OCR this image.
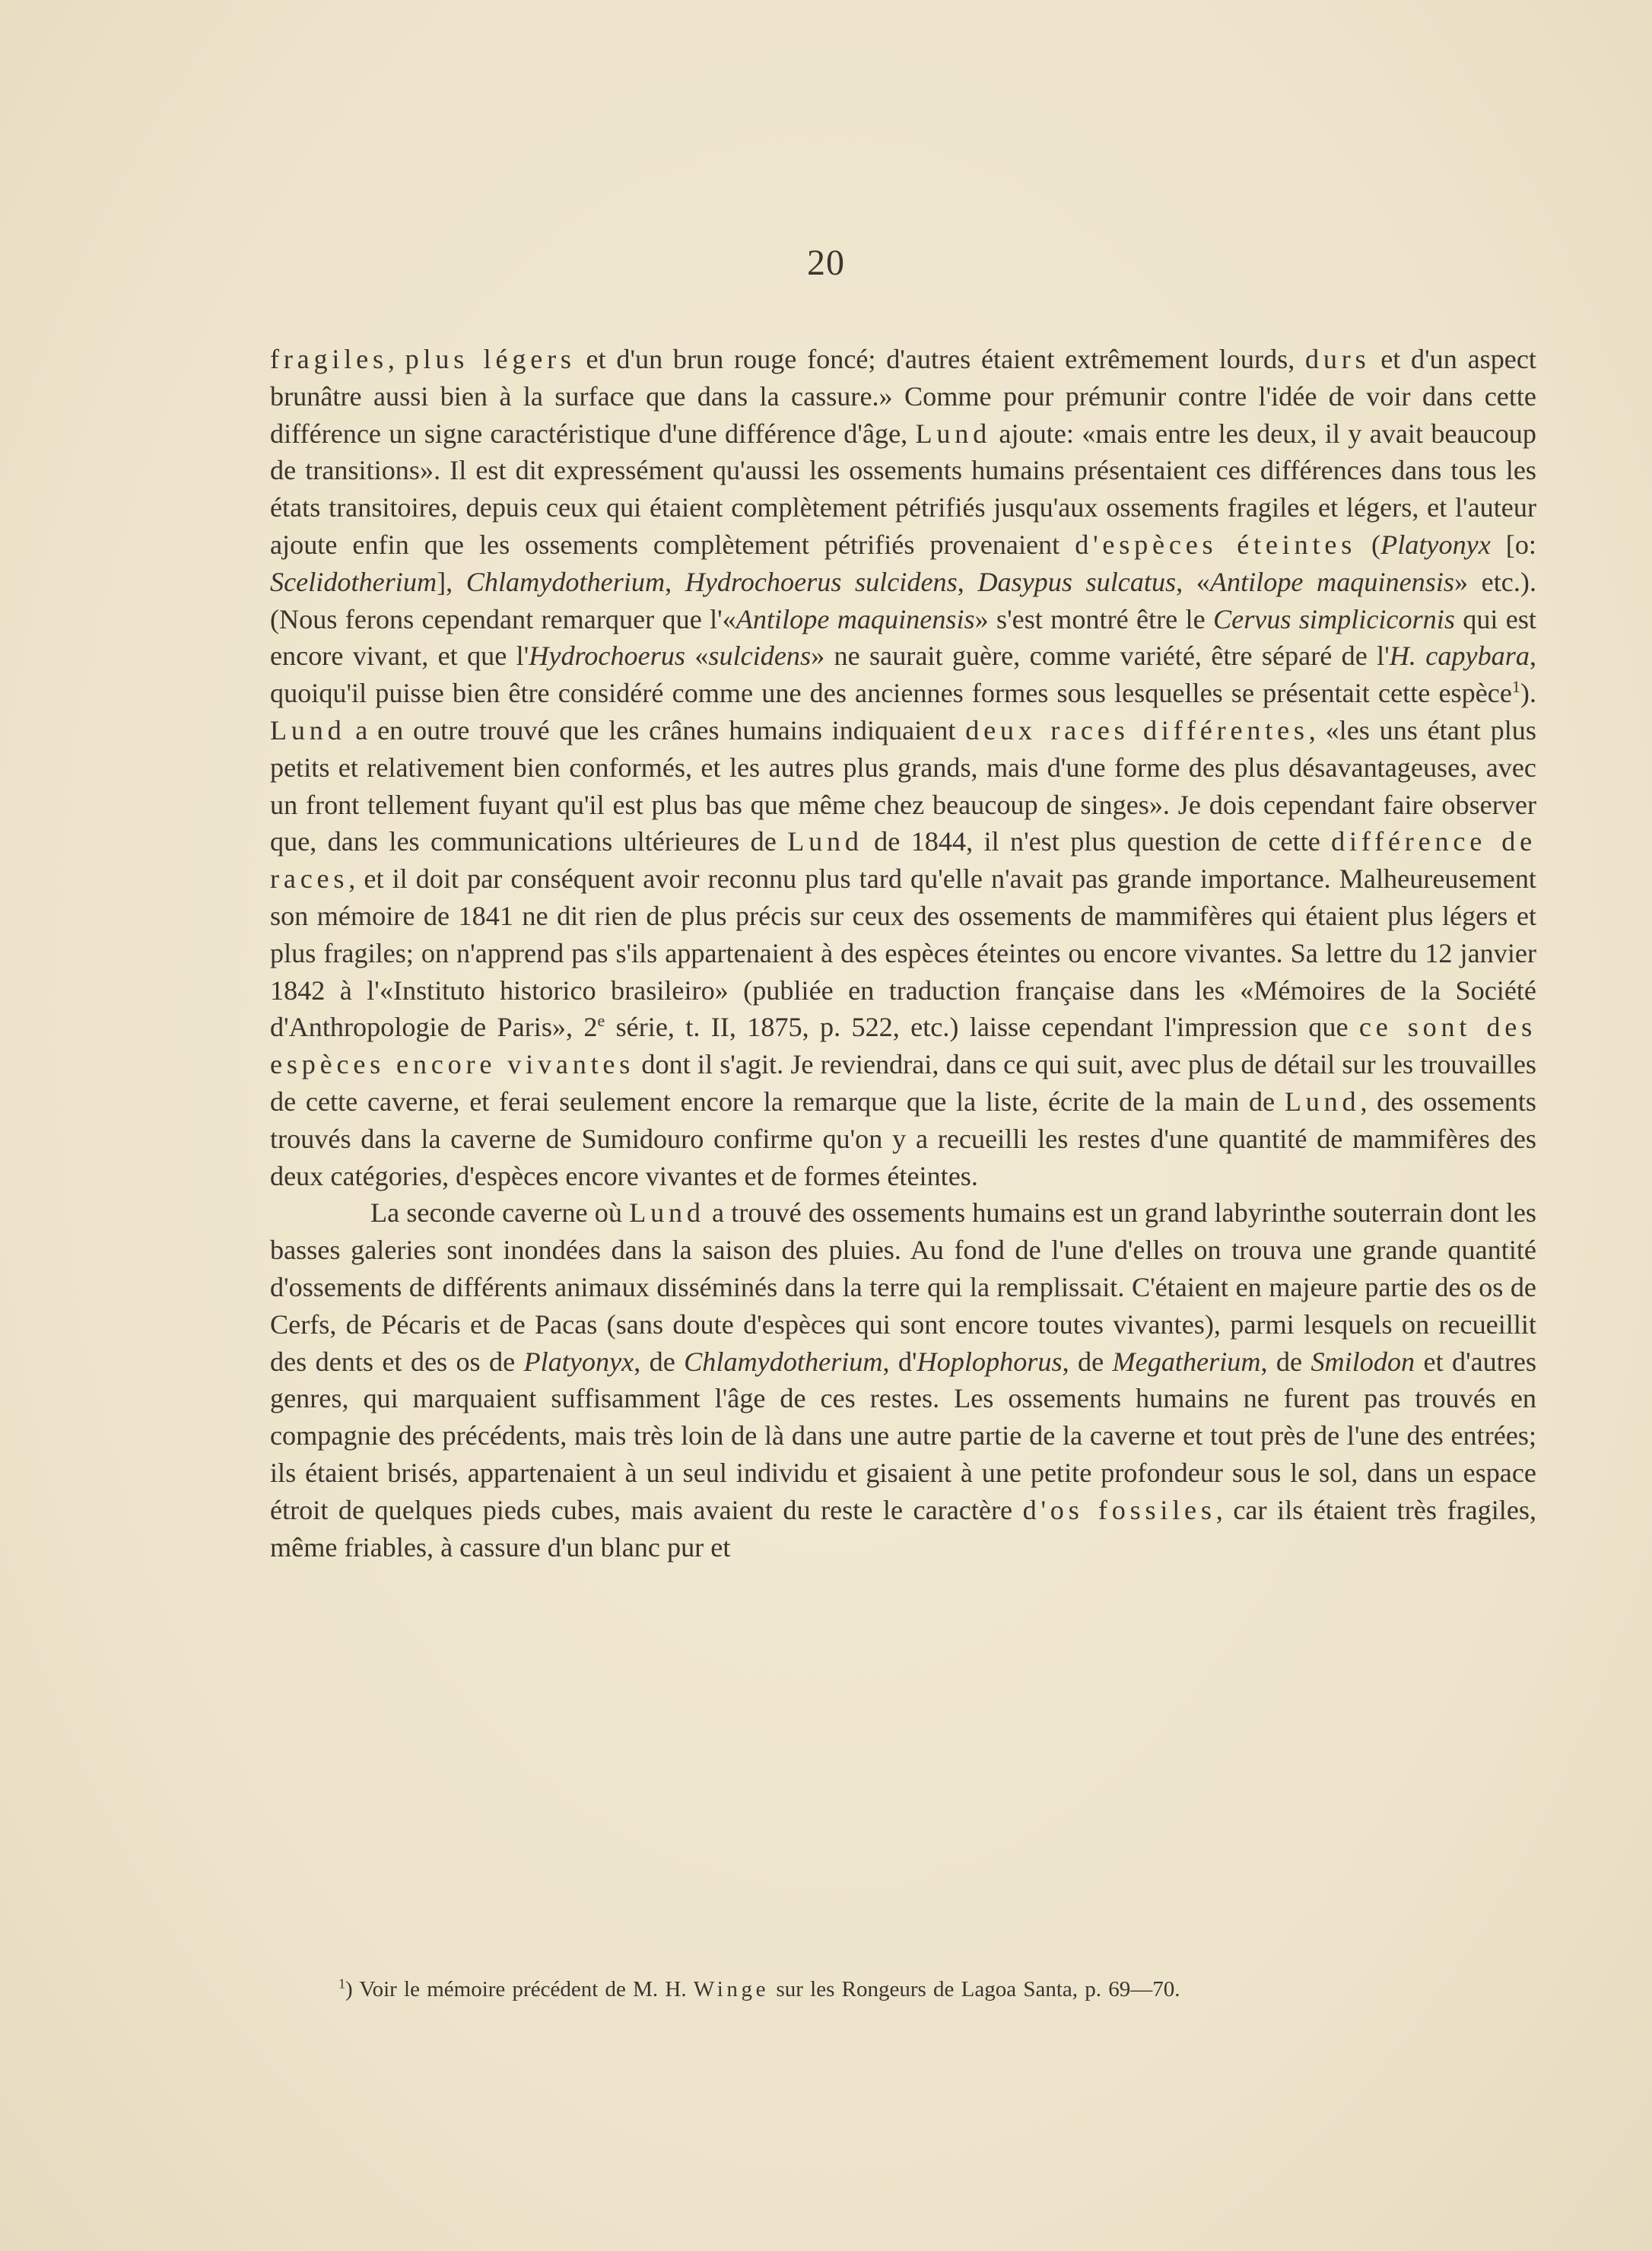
20

fragiles, plus légers et d'un brun rouge foncé; d'autres étaient extrêmement lourds, durs et d'un aspect brunâtre aussi bien à la surface que dans la cassure.» Comme pour prémunir contre l'idée de voir dans cette différence un signe caractéristique d'une différence d'âge, Lund ajoute: «mais entre les deux, il y avait beaucoup de transitions». Il est dit expressément qu'aussi les ossements humains présentaient ces différences dans tous les états transitoires, depuis ceux qui étaient complètement pétrifiés jusqu'aux ossements fragiles et légers, et l'auteur ajoute enfin que les ossements complètement pétrifiés provenaient d'espèces éteintes (Platyonyx [o: Scelidotherium], Chlamydotherium, Hydrochoerus sulcidens, Dasypus sulcatus, «Antilope maquinensis» etc.). (Nous ferons cependant remarquer que l'«Antilope maquinensis» s'est montré être le Cervus simplicicornis qui est encore vivant, et que l'Hydrochoerus «sulcidens» ne saurait guère, comme variété, être séparé de l'H. capybara, quoiqu'il puisse bien être considéré comme une des anciennes formes sous lesquelles se présentait cette espèce$^1$). Lund a en outre trouvé que les crânes humains indiquaient deux races différentes, «les uns étant plus petits et relativement bien conformés, et les autres plus grands, mais d'une forme des plus désavantageuses, avec un front tellement fuyant qu'il est plus bas que même chez beaucoup de singes». Je dois cependant faire observer que, dans les communications ultérieures de Lund de 1844, il n'est plus question de cette différence de races, et il doit par conséquent avoir reconnu plus tard qu'elle n'avait pas grande importance. Malheureusement son mémoire de 1841 ne dit rien de plus précis sur ceux des ossements de mammifères qui étaient plus légers et plus fragiles; on n'apprend pas s'ils appartenaient à des espèces éteintes ou encore vivantes. Sa lettre du 12 janvier 1842 à l'«Instituto historico brasileiro» (publiée en traduction française dans les «Mémoires de la Société d'Anthropologie de Paris», 2e série, t. II, 1875, p. 522, etc.) laisse cependant l'impression que ce sont des espèces encore vivantes dont il s'agit. Je reviendrai, dans ce qui suit, avec plus de détail sur les trouvailles de cette caverne, et ferai seulement encore la remarque que la liste, écrite de la main de Lund, des ossements trouvés dans la caverne de Sumidouro confirme qu'on y a recueilli les restes d'une quantité de mammifères des deux catégories, d'espèces encore vivantes et de formes éteintes.

La seconde caverne où Lund a trouvé des ossements humains est un grand labyrinthe souterrain dont les basses galeries sont inondées dans la saison des pluies. Au fond de l'une d'elles on trouva une grande quantité d'ossements de différents animaux disséminés dans la terre qui la remplissait. C'étaient en majeure partie des os de Cerfs, de Pécaris et de Pacas (sans doute d'espèces qui sont encore toutes vivantes), parmi lesquels on recueillit des dents et des os de Platyonyx, de Chlamydotherium, d'Hoplophorus, de Megatherium, de Smilodon et d'autres genres, qui marquaient suffisamment l'âge de ces restes. Les ossements humains ne furent pas trouvés en compagnie des précédents, mais très loin de là dans une autre partie de la caverne et tout près de l'une des entrées; ils étaient brisés, appartenaient à un seul individu et gisaient à une petite profondeur sous le sol, dans un espace étroit de quelques pieds cubes, mais avaient du reste le caractère d'os fossiles, car ils étaient très fragiles, même friables, à cassure d'un blanc pur et

$^1$) Voir le mémoire précédent de M. H. Winge sur les Rongeurs de Lagoa Santa, p. 69—70.
